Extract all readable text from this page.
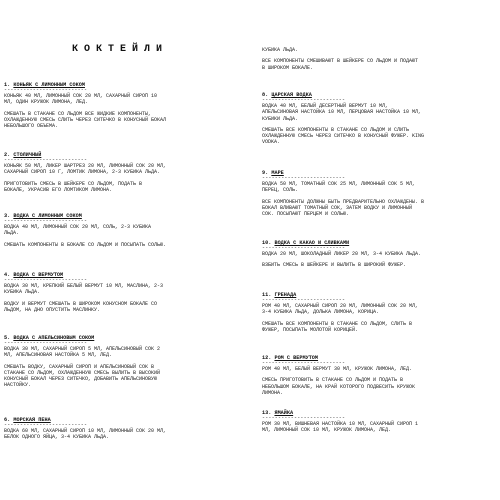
КОКТЕЙЛИ
1. КОНЬЯК С ЛИМОННЫМ СОКОМ
--------------------------
КОНЬЯК 40 МЛ, ЛИМОННЫЙ СОК 20 МЛ, САХАРНЫЙ СИРОП 10
МЛ, ОДИН КРУЖОК ЛИМОНА, ЛЕД.
СМЕШАТЬ В СТАКАНЕ СО ЛЬДОМ ВСЕ ЖИДКИЕ КОМПОНЕНТЫ,
ОХЛАЖДЕННУЮ СМЕСЬ СЛИТЬ ЧЕРЕЗ СИТЕЧКО В КОНУСНЫЙ БОКАЛ
НЕБОЛЬШОГО ОБЪЕМА.
2. СТОЛИЧНЫЙ
--------------------------
КОНЬЯК 50 МЛ, ЛИКЕР ШАРТРЕЗ 20 МЛ, ЛИМОННЫЙ СОК 20 МЛ,
САХАРНЫЙ СИРОП 10 Г, ЛОМТИК ЛИМОНА, 2-3 КУБИКА ЛЬДА.
ПРИГОТОВИТЬ СМЕСЬ В ШЕЙКЕРЕ СО ЛЬДОМ, ПОДАТЬ В
БОКАЛЕ, УКРАСИВ ЕГО ЛОМТИКОМ ЛИМОНА.
3. ВОДКА С ЛИМОННЫМ СОКОМ
--------------------------
ВОДКА 40 МЛ, ЛИМОННЫЙ СОК 20 МЛ, СОЛЬ, 2-3 КУБИКА
ЛЬДА.
СМЕШАТЬ КОМПОНЕНТЫ В БОКАЛЕ СО ЛЬДОМ И ПОСЫПАТЬ СОЛЬЮ.
4. ВОДКА С ВЕРМУТОМ
--------------------------
ВОДКА 30 МЛ, КРЕПКИЙ БЕЛЫЙ ВЕРМУТ 10 МЛ, МАСЛИНА, 2-3
КУБИКА ЛЬДА.
ВОДКУ И ВЕРМУТ СМЕШАТЬ В ШИРОКОМ КОНУСНОМ БОКАЛЕ СО
ЛЬДОМ, НА ДНО ОПУСТИТЬ МАСЛИНКУ.
5. ВОДКА С АПЕЛЬСИНОВЫМ СОКОМ
--------------------------
ВОДКА 30 МЛ, САХАРНЫЙ СИРОП 5 МЛ, АПЕЛЬСИНОВЫЙ СОК 2
МЛ, АПЕЛЬСИНОВАЯ НАСТОЙКА 5 МЛ, ЛЕД.
СМЕШАТЬ ВОДКУ, САХАРНЫЙ СИРОП И АПЕЛЬСИНОВЫЙ СОК В
СТАКАНЕ СО ЛЬДОМ, ОХЛАЖДЕННУЮ СМЕСЬ ВЫЛИТЬ В ВЫСОКИЙ
КОНУСНЫЙ БОКАЛ ЧЕРЕЗ СИТЕЧКО, ДОБАВИТЬ АПЕЛЬСИНОВУЮ
НАСТОЙКУ.
6. МОРСКАЯ ПЕНА
--------------------------
ВОДКА 60 МЛ, САХАРНЫЙ СИРОП 10 МЛ, ЛИМОННЫЙ СОК 20 МЛ,
БЕЛОК ОДНОГО ЯЙЦА, 3-4 КУБИКА ЛЬДА.
КУБИКА ЛЬДА.
ВСЕ КОМПОНЕНТЫ СМЕШИВАЮТ В ШЕЙКЕРЕ СО ЛЬДОМ И ПОДАЮТ
В ШИРОКОМ БОКАЛЕ.
8. ЦАРСКАЯ ВОДКА
--------------------------
ВОДКА 40 МЛ, БЕЛЫЙ ДЕСЕРТНЫЙ ВЕРМУТ 10 МЛ,
АПЕЛЬСИНОВАЯ НАСТОЙКА 10 МЛ, ПЕРЦОВАЯ НАСТОЙКА 10 МЛ,
КУБИКИ ЛЬДА.
СМЕШАТЬ ВСЕ КОМПОНЕНТЫ В СТАКАНЕ СО ЛЬДОМ И СЛИТЬ
ОХЛАЖДЕННУЮ СМЕСЬ ЧЕРЕЗ СИТЕЧКО В КОНУСНЫЙ ФУЖЕР. KING
VODKA.
9. МАРЕ
--------------------------
ВОДКА 50 МЛ, ТОМАТНЫЙ СОК 25 МЛ, ЛИМОННЫЙ СОК 5 МЛ,
ПЕРЕЦ, СОЛЬ.
ВСЕ КОМПОНЕНТЫ ДОЛЖНЫ БЫТЬ ПРЕДВАРИТЕЛЬНО ОХЛАЖДЕНЫ. В
БОКАЛ ВЛИВАЮТ ТОМАТНЫЙ СОК, ЗАТЕМ ВОДКУ И ЛИМОННЫЙ
СОК. ПОСЫПАЮТ ПЕРЦЕМ И СОЛЬЮ.
10. ВОДКА С КАКАО И СЛИВКАМИ
--------------------------
ВОДКА 20 МЛ, ШОКОЛАДНЫЙ ЛИКЕР 20 МЛ, 3-4 КУБИКА ЛЬДА.
ВЗБИТЬ СМЕСЬ В ШЕЙКЕРЕ И ВЫЛИТЬ В ШИРОКИЙ ФУЖЕР.
11. ГРЕНАДА
--------------------------
РОМ 40 МЛ, САХАРНЫЙ СИРОП 20 МЛ, ЛИМОННЫЙ СОК 20 МЛ,
3-4 КУБИКА ЛЬДА, ДОЛЬКА ЛИМОНА, КОРИЦА.
СМЕШАТЬ ВСЕ КОМПОНЕНТЫ В СТАКАНЕ СО ЛЬДОМ, СЛИТЬ В
ФУЖЕР, ПОСЫПАТЬ МОЛОТОЙ КОРИЦЕЙ.
12. РОМ С ВЕРМУТОМ
--------------------------
РОМ 40 МЛ, БЕЛЫЙ ВЕРМУТ 30 МЛ, КРУЖОК ЛИМОНА, ЛЕД.
СМЕСЬ ПРИГОТОВИТЬ В СТАКАНЕ СО ЛЬДОМ И ПОДАТЬ В
НЕБОЛЬШОМ БОКАЛЕ, НА КРАЙ КОТОРОГО ПОДВЕСИТЬ КРУЖОК
ЛИМОНА.
13. ЯМАЙКА
--------------------------
РОМ 30 МЛ, ВИШНЕВАЯ НАСТОЙКА 10 МЛ, САХАРНЫЙ СИРОП 1
МЛ, ЛИМОННЫЙ СОК 10 МЛ, КРУЖОК ЛИМОНА, ЛЕД.
